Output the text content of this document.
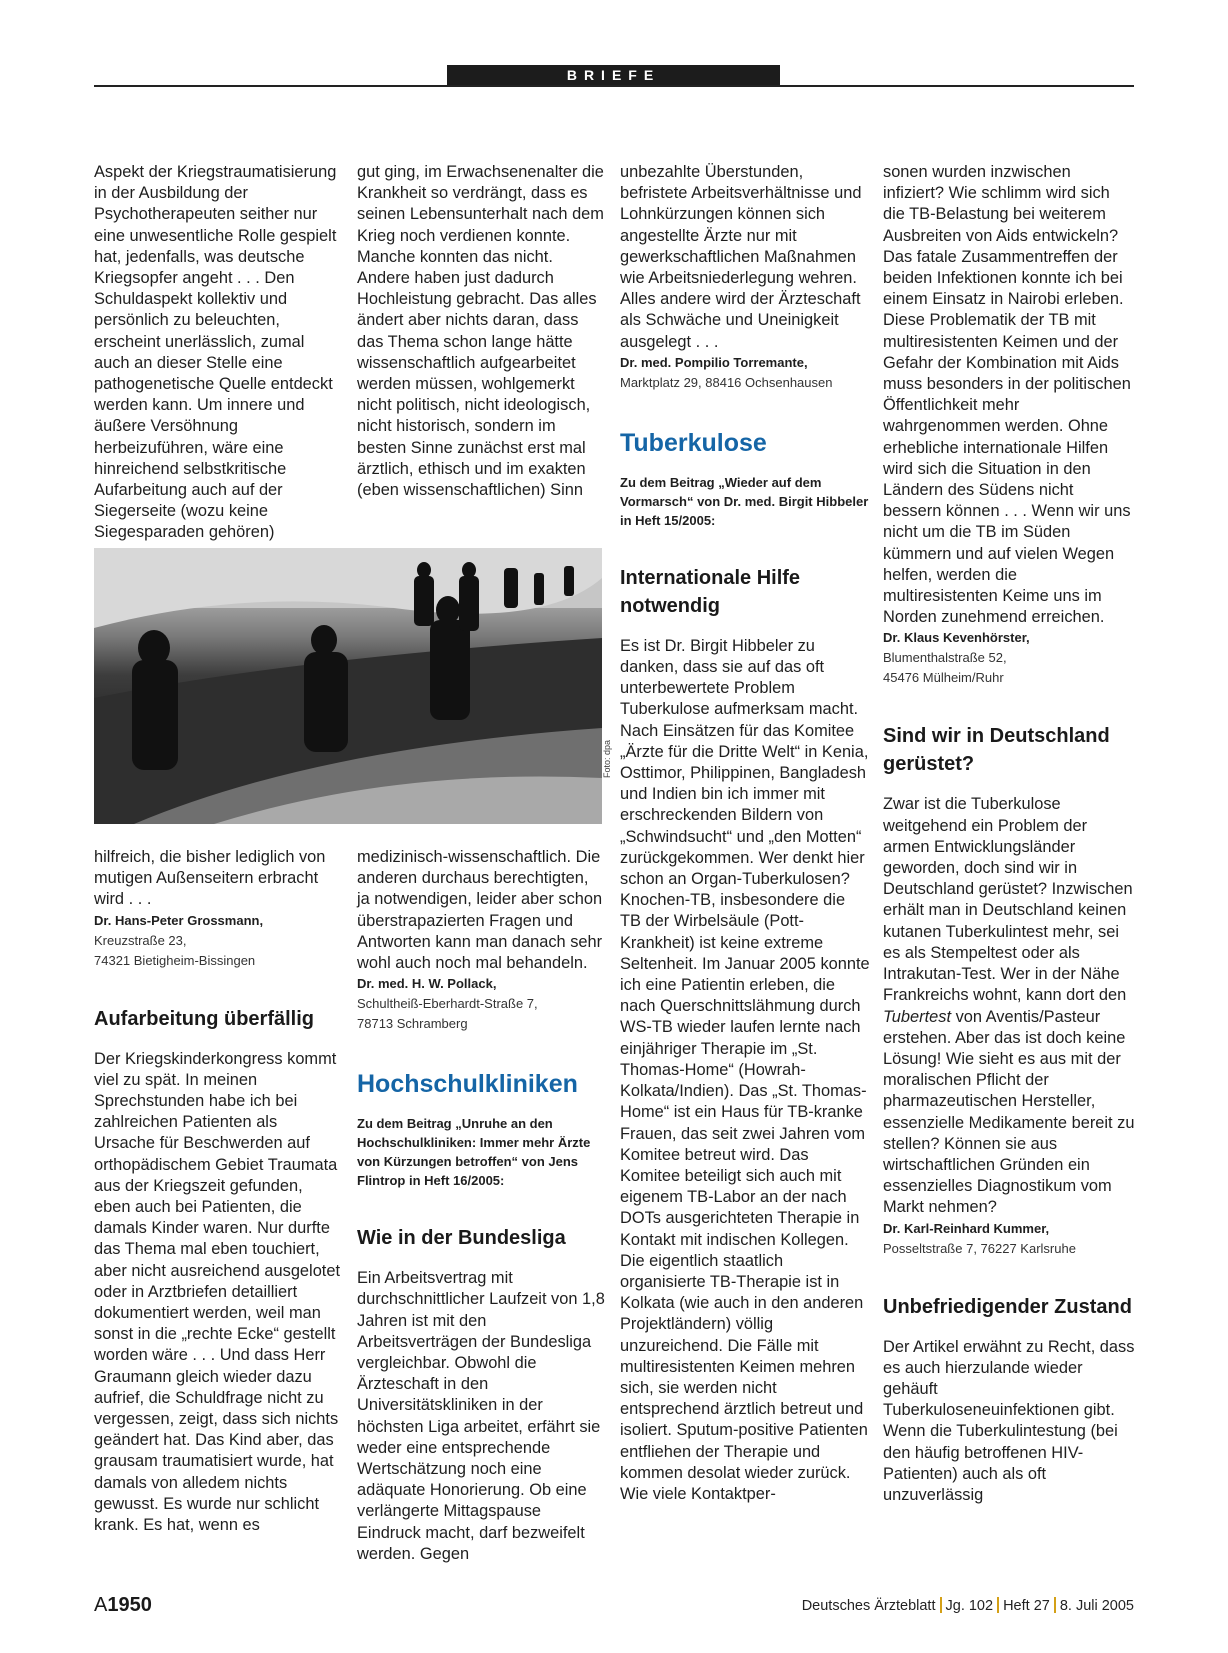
BRIEFE

Aspekt der Kriegstraumatisierung in der Ausbildung der Psychotherapeuten seither nur eine unwesentliche Rolle gespielt hat, jedenfalls, was deutsche Kriegsopfer angeht . . . Den Schuldaspekt kollektiv und persönlich zu beleuchten, erscheint unerlässlich, zumal auch an dieser Stelle eine pathogenetische Quelle entdeckt werden kann. Um innere und äußere Versöhnung herbeizuführen, wäre eine hinreichend selbstkritische Aufarbeitung auch auf der Siegerseite (wozu keine Siegesparaden gehören)

gut ging, im Erwachsenenalter die Krankheit so verdrängt, dass es seinen Lebensunterhalt nach dem Krieg noch verdienen konnte. Manche konnten das nicht. Andere haben just dadurch Hochleistung gebracht. Das alles ändert aber nichts daran, dass das Thema schon lange hätte wissenschaftlich aufgearbeitet werden müssen, wohlgemerkt nicht politisch, nicht ideologisch, nicht historisch, sondern im besten Sinne zunächst erst mal ärztlich, ethisch und im exakten (eben wissenschaftlichen) Sinn

Foto: dpa

hilfreich, die bisher lediglich von mutigen Außenseitern erbracht wird . . .

Dr. Hans-Peter Grossmann,

Kreuzstraße 23,

74321 Bietigheim-Bissingen

Aufarbeitung überfällig

Der Kriegskinderkongress kommt viel zu spät. In meinen Sprechstunden habe ich bei zahlreichen Patienten als Ursache für Beschwerden auf orthopädischem Gebiet Traumata aus der Kriegszeit gefunden, eben auch bei Patienten, die damals Kinder waren. Nur durfte das Thema mal eben touchiert, aber nicht ausreichend ausgelotet oder in Arztbriefen detailliert dokumentiert werden, weil man sonst in die „rechte Ecke“ gestellt worden wäre . . . Und dass Herr Graumann gleich wieder dazu aufrief, die Schuldfrage nicht zu vergessen, zeigt, dass sich nichts geändert hat. Das Kind aber, das grausam traumatisiert wurde, hat damals von alledem nichts gewusst. Es wurde nur schlicht krank. Es hat, wenn es

medizinisch-wissenschaftlich. Die anderen durchaus berechtigten, ja notwendigen, leider aber schon überstrapazierten Fragen und Antworten kann man danach sehr wohl auch noch mal behandeln.

Dr. med. H. W. Pollack,

Schultheiß-Eberhardt-Straße 7,

78713 Schramberg

Hochschulkliniken

Zu dem Beitrag „Unruhe an den Hochschulkliniken: Immer mehr Ärzte von Kürzungen betroffen“ von Jens Flintrop in Heft 16/2005:

Wie in der Bundesliga

Ein Arbeitsvertrag mit durchschnittlicher Laufzeit von 1,8 Jahren ist mit den Arbeitsverträgen der Bundesliga vergleichbar. Obwohl die Ärzteschaft in den Universitätskliniken in der höchsten Liga arbeitet, erfährt sie weder eine entsprechende Wertschätzung noch eine adäquate Honorierung. Ob eine verlängerte Mittagspause Eindruck macht, darf bezweifelt werden. Gegen

unbezahlte Überstunden, befristete Arbeitsverhältnisse und Lohnkürzungen können sich angestellte Ärzte nur mit gewerkschaftlichen Maßnahmen wie Arbeitsniederlegung wehren. Alles andere wird der Ärzteschaft als Schwäche und Uneinigkeit ausgelegt . . .

Dr. med. Pompilio Torremante,

Marktplatz 29, 88416 Ochsenhausen

Tuberkulose

Zu dem Beitrag „Wieder auf dem Vormarsch“ von Dr. med. Birgit Hibbeler in Heft 15/2005:

Internationale Hilfe notwendig

Es ist Dr. Birgit Hibbeler zu danken, dass sie auf das oft unterbewertete Problem Tuberkulose aufmerksam macht. Nach Einsätzen für das Komitee „Ärzte für die Dritte Welt“ in Kenia, Osttimor, Philippinen, Bangladesh und Indien bin ich immer mit erschreckenden Bildern von „Schwindsucht“ und „den Motten“ zurückgekommen. Wer denkt hier schon an Organ-Tuberkulosen? Knochen-TB, insbesondere die TB der Wirbelsäule (Pott-Krankheit) ist keine extreme Seltenheit. Im Januar 2005 konnte ich eine Patientin erleben, die nach Querschnittslähmung durch WS-TB wieder laufen lernte nach einjähriger Therapie im „St. Thomas-Home“ (Howrah-Kolkata/Indien). Das „St. Thomas-Home“ ist ein Haus für TB-kranke Frauen, das seit zwei Jahren vom Komitee betreut wird. Das Komitee beteiligt sich auch mit eigenem TB-Labor an der nach DOTs ausgerichteten Therapie in Kontakt mit indischen Kollegen. Die eigentlich staatlich organisierte TB-Therapie ist in Kolkata (wie auch in den anderen Projektländern) völlig unzureichend. Die Fälle mit multiresistenten Keimen mehren sich, sie werden nicht entsprechend ärztlich betreut und isoliert. Sputum-positive Patienten entfliehen der Therapie und kommen desolat wieder zurück. Wie viele Kontaktper-

sonen wurden inzwischen infiziert? Wie schlimm wird sich die TB-Belastung bei weiterem Ausbreiten von Aids entwickeln? Das fatale Zusammentreffen der beiden Infektionen konnte ich bei einem Einsatz in Nairobi erleben. Diese Problematik der TB mit multiresistenten Keimen und der Gefahr der Kombination mit Aids muss besonders in der politischen Öffentlichkeit mehr wahrgenommen werden. Ohne erhebliche internationale Hilfen wird sich die Situation in den Ländern des Südens nicht bessern können . . . Wenn wir uns nicht um die TB im Süden kümmern und auf vielen Wegen helfen, werden die multiresistenten Keime uns im Norden zunehmend erreichen.

Dr. Klaus Kevenhörster,

Blumenthalstraße 52,

45476 Mülheim/Ruhr

Sind wir in Deutschland gerüstet?

Zwar ist die Tuberkulose weitgehend ein Problem der armen Entwicklungsländer geworden, doch sind wir in Deutschland gerüstet? Inzwischen erhält man in Deutschland keinen kutanen Tuberkulintest mehr, sei es als Stempeltest oder als Intrakutan-Test. Wer in der Nähe Frankreichs wohnt, kann dort den Tubertest von Aventis/Pasteur erstehen. Aber das ist doch keine Lösung! Wie sieht es aus mit der moralischen Pflicht der pharmazeutischen Hersteller, essenzielle Medikamente bereit zu stellen? Können sie aus wirtschaftlichen Gründen ein essenzielles Diagnostikum vom Markt nehmen?

Dr. Karl-Reinhard Kummer,

Posseltstraße 7, 76227 Karlsruhe

Unbefriedigender Zustand

Der Artikel erwähnt zu Recht, dass es auch hierzulande wieder gehäuft Tuberkuloseneuinfektionen gibt. Wenn die Tuberkulintestung (bei den häufig betroffenen HIV-Patienten) auch als oft unzuverlässig

A1950	Deutsches Ärzteblatt Jg. 102 Heft 27 8. Juli 2005
